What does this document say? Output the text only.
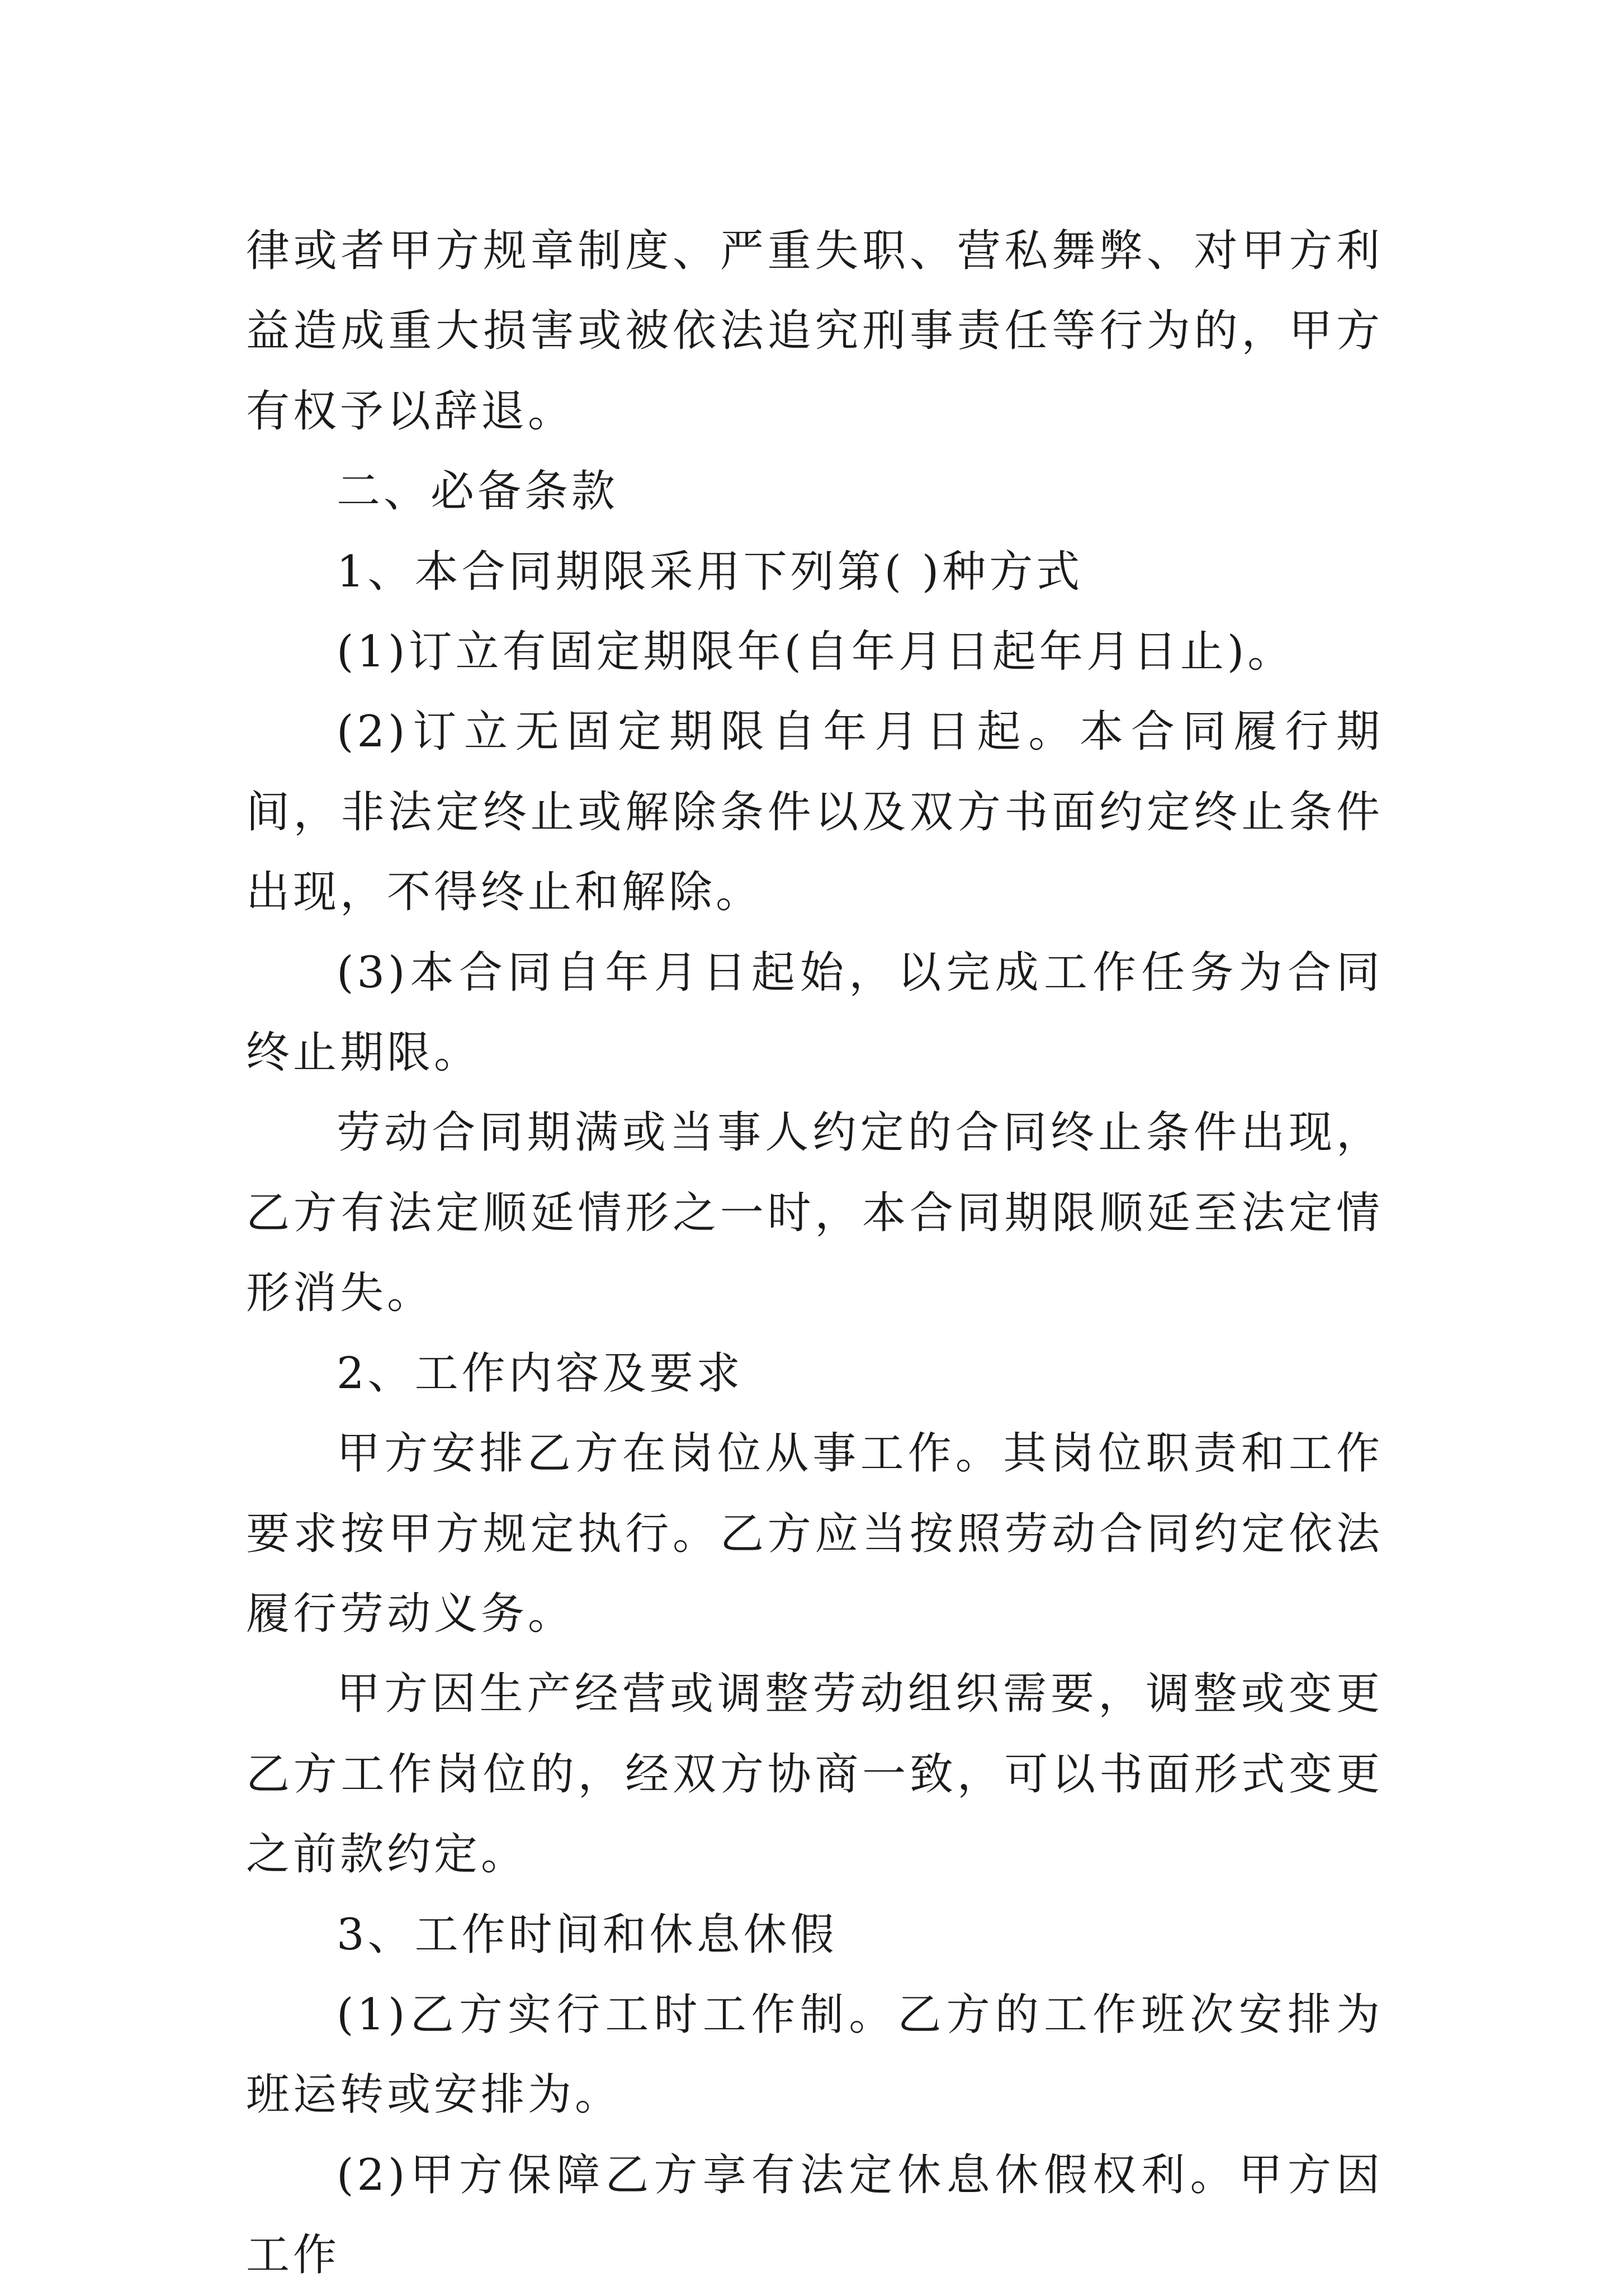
律或者甲方规章制度、严重失职、营私舞弊、对甲方利益造成重大损害或被依法追究刑事责任等行为的，甲方有权予以辞退。

二、必备条款

1、本合同期限采用下列第( )种方式

(1)订立有固定期限年(自年月日起年月日止)。

(2)订立无固定期限自年月日起。本合同履行期间，非法定终止或解除条件以及双方书面约定终止条件出现，不得终止和解除。

(3)本合同自年月日起始，以完成工作任务为合同终止期限。

劳动合同期满或当事人约定的合同终止条件出现，乙方有法定顺延情形之一时，本合同期限顺延至法定情形消失。

2、工作内容及要求

甲方安排乙方在岗位从事工作。其岗位职责和工作要求按甲方规定执行。乙方应当按照劳动合同约定依法履行劳动义务。

甲方因生产经营或调整劳动组织需要，调整或变更乙方工作岗位的，经双方协商一致，可以书面形式变更之前款约定。

3、工作时间和休息休假

(1)乙方实行工时工作制。乙方的工作班次安排为班运转或安排为。

(2)甲方保障乙方享有法定休息休假权利。甲方因工作
